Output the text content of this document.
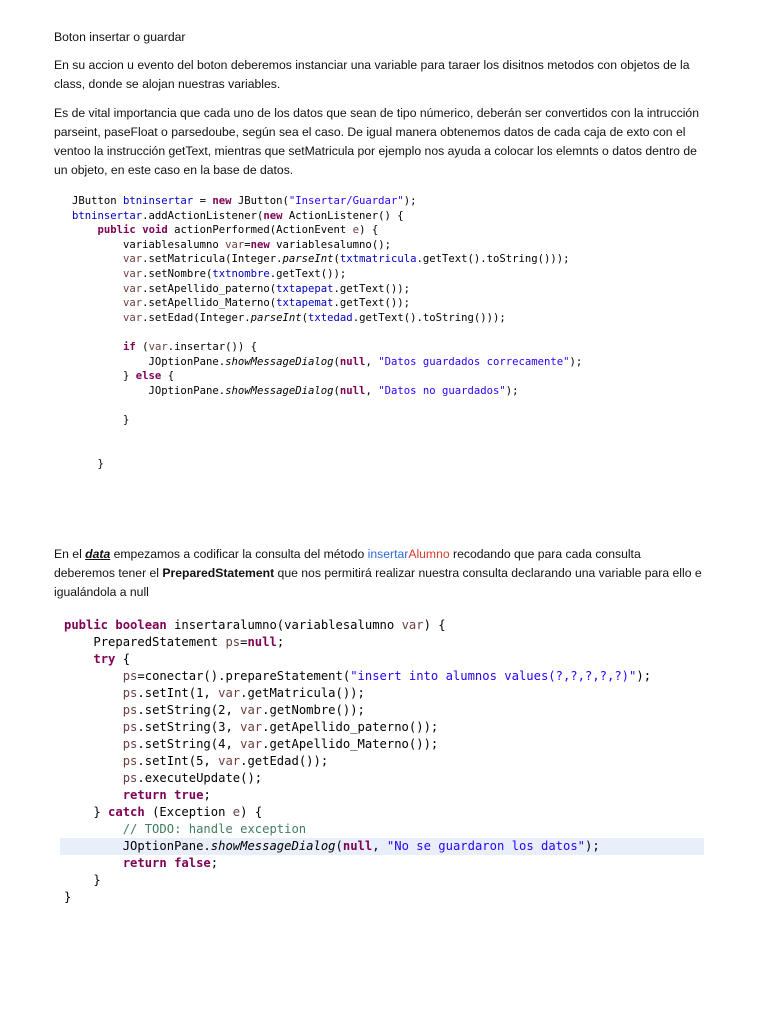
Boton insertar o guardar

En su accion u evento del boton deberemos instanciar una variable para taraer los disitnos metodos con objetos de la class, donde se alojan nuestras variables.

Es de vital importancia que cada uno de los datos que sean de tipo númerico, deberán ser convertidos con la intrucción parseint, paseFloat o parsedoube, según sea el caso. De igual manera obtenemos datos de cada caja de exto con el ventoo la instrucción getText, mientras que setMatricula por ejemplo nos ayuda a colocar los elemnts o datos dentro de un objeto, en este caso en la base de datos.

JButton btninsertar = new JButton("Insertar/Guardar");
btninsertar.addActionListener(new ActionListener() {
public void actionPerformed(ActionEvent e) {
variablesalumno var=new variablesalumno();
var.setMatricula(Integer.parseInt(txtmatricula.getText().toString()));
var.setNombre(txtnombre.getText());
var.setApellido_paterno(txtapepat.getText());
var.setApellido_Materno(txtapemat.getText());
var.setEdad(Integer.parseInt(txtedad.getText().toString()));

if (var.insertar()) {
JOptionPane.showMessageDialog(null, "Datos guardados correcamente");
} else {
JOptionPane.showMessageDialog(null, "Datos no guardados");

}

}

En el data empezamos a codificar la consulta del método insertarAlumno recodando que para cada consulta deberemos tener el PreparedStatement que nos permitirá realizar nuestra consulta declarando una variable para ello e igualándola a null

public boolean insertaralumno(variablesalumno var) {
PreparedStatement ps=null;
try {
ps=conectar().prepareStatement("insert into alumnos values(?,?,?,?,?)");
ps.setInt(1, var.getMatricula());
ps.setString(2, var.getNombre());
ps.setString(3, var.getApellido_paterno());
ps.setString(4, var.getApellido_Materno());
ps.setInt(5, var.getEdad());
ps.executeUpdate();
return true;
} catch (Exception e) {
// TODO: handle exception
JOptionPane.showMessageDialog(null, "No se guardaron los datos");
return false;
}
}
